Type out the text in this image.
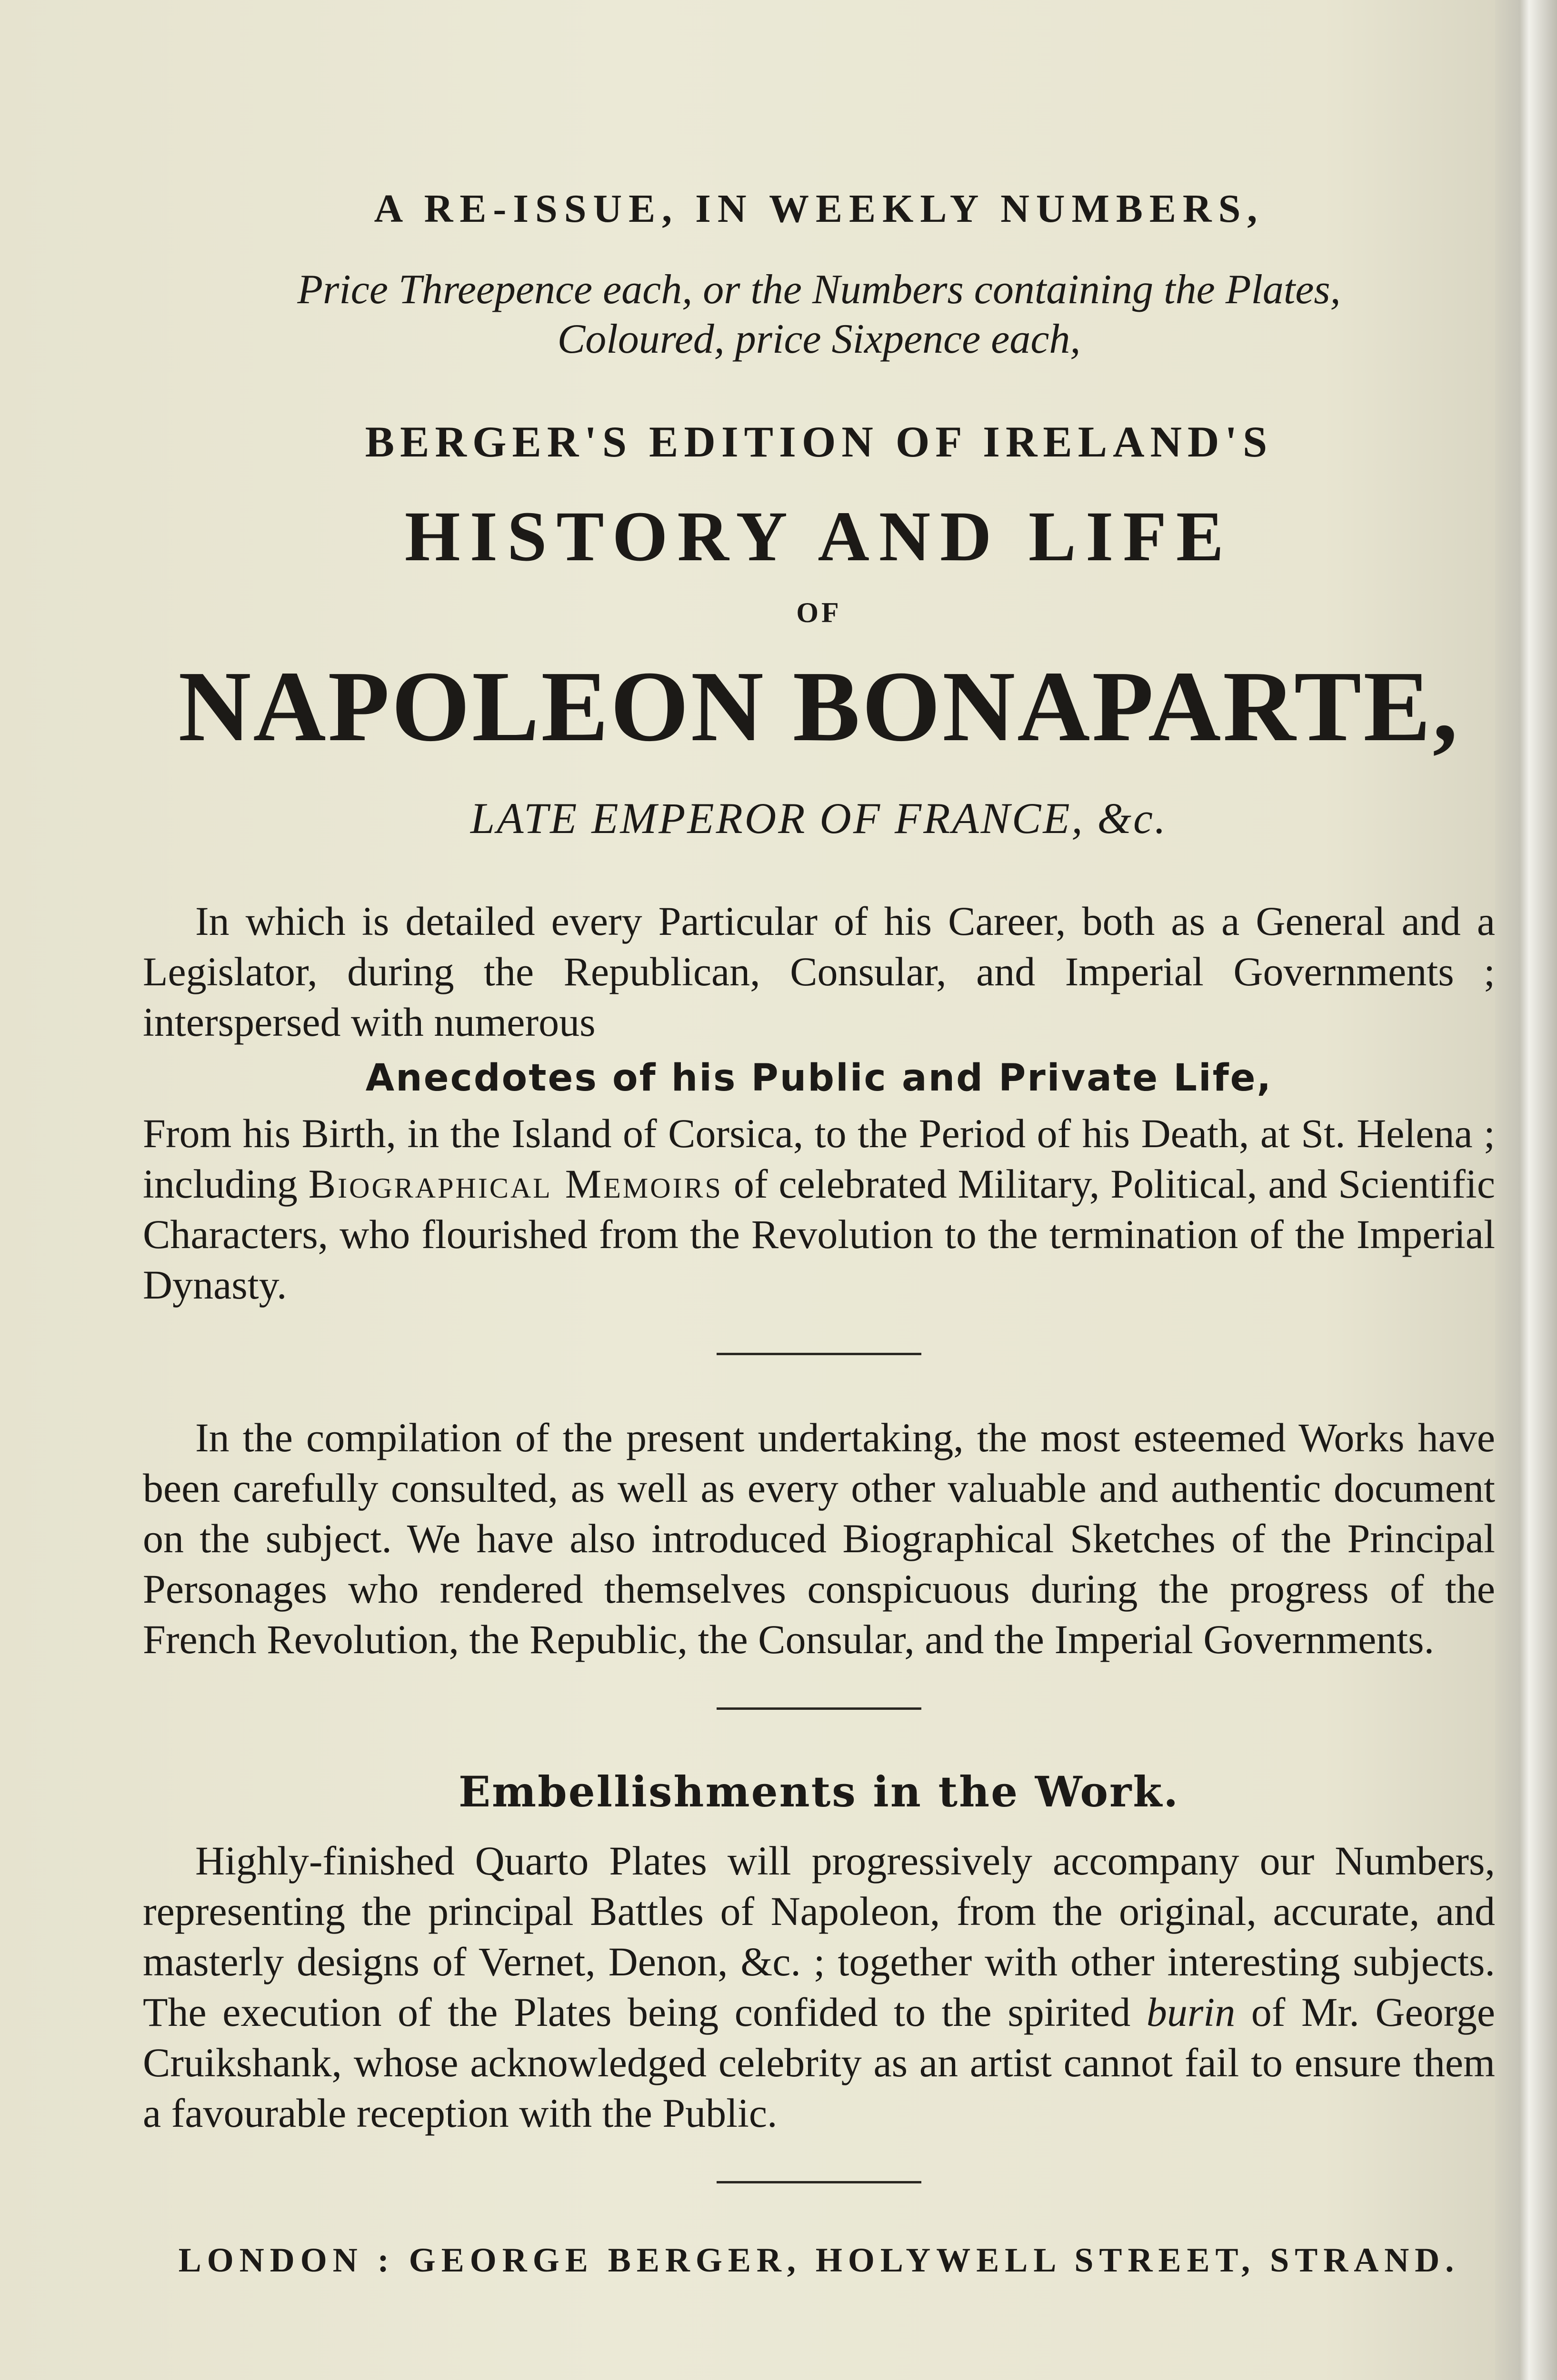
A RE-ISSUE, IN WEEKLY NUMBERS,
Price Threepence each, or the Numbers containing the Plates,
Coloured, price Sixpence each,
BERGER'S EDITION OF IRELAND'S
HISTORY AND LIFE
OF
NAPOLEON BONAPARTE,
LATE EMPEROR OF FRANCE, &c.

In which is detailed every Particular of his Career, both as a General and a Legislator, during the Republican, Consular, and Imperial Governments ; interspersed with numerous

Anecdotes of his Public and Private Life,

From his Birth, in the Island of Corsica, to the Period of his Death, at St. Helena ; including Biographical Memoirs of celebrated Military, Political, and Scientific Characters, who flourished from the Revolution to the termination of the Imperial Dynasty.

In the compilation of the present undertaking, the most esteemed Works have been carefully consulted, as well as every other valuable and authentic document on the subject. We have also introduced Biographical Sketches of the Principal Personages who rendered themselves conspicuous during the progress of the French Revolution, the Republic, the Consular, and the Imperial Governments.

Embellishments in the Work.

Highly-finished Quarto Plates will progressively accompany our Numbers, representing the principal Battles of Napoleon, from the original, accurate, and masterly designs of Vernet, Denon, &c. ; together with other interesting subjects. The execution of the Plates being confided to the spirited burin of Mr. George Cruikshank, whose acknowledged celebrity as an artist cannot fail to ensure them a favourable reception with the Public.

LONDON : GEORGE BERGER, HOLYWELL STREET, STRAND.
